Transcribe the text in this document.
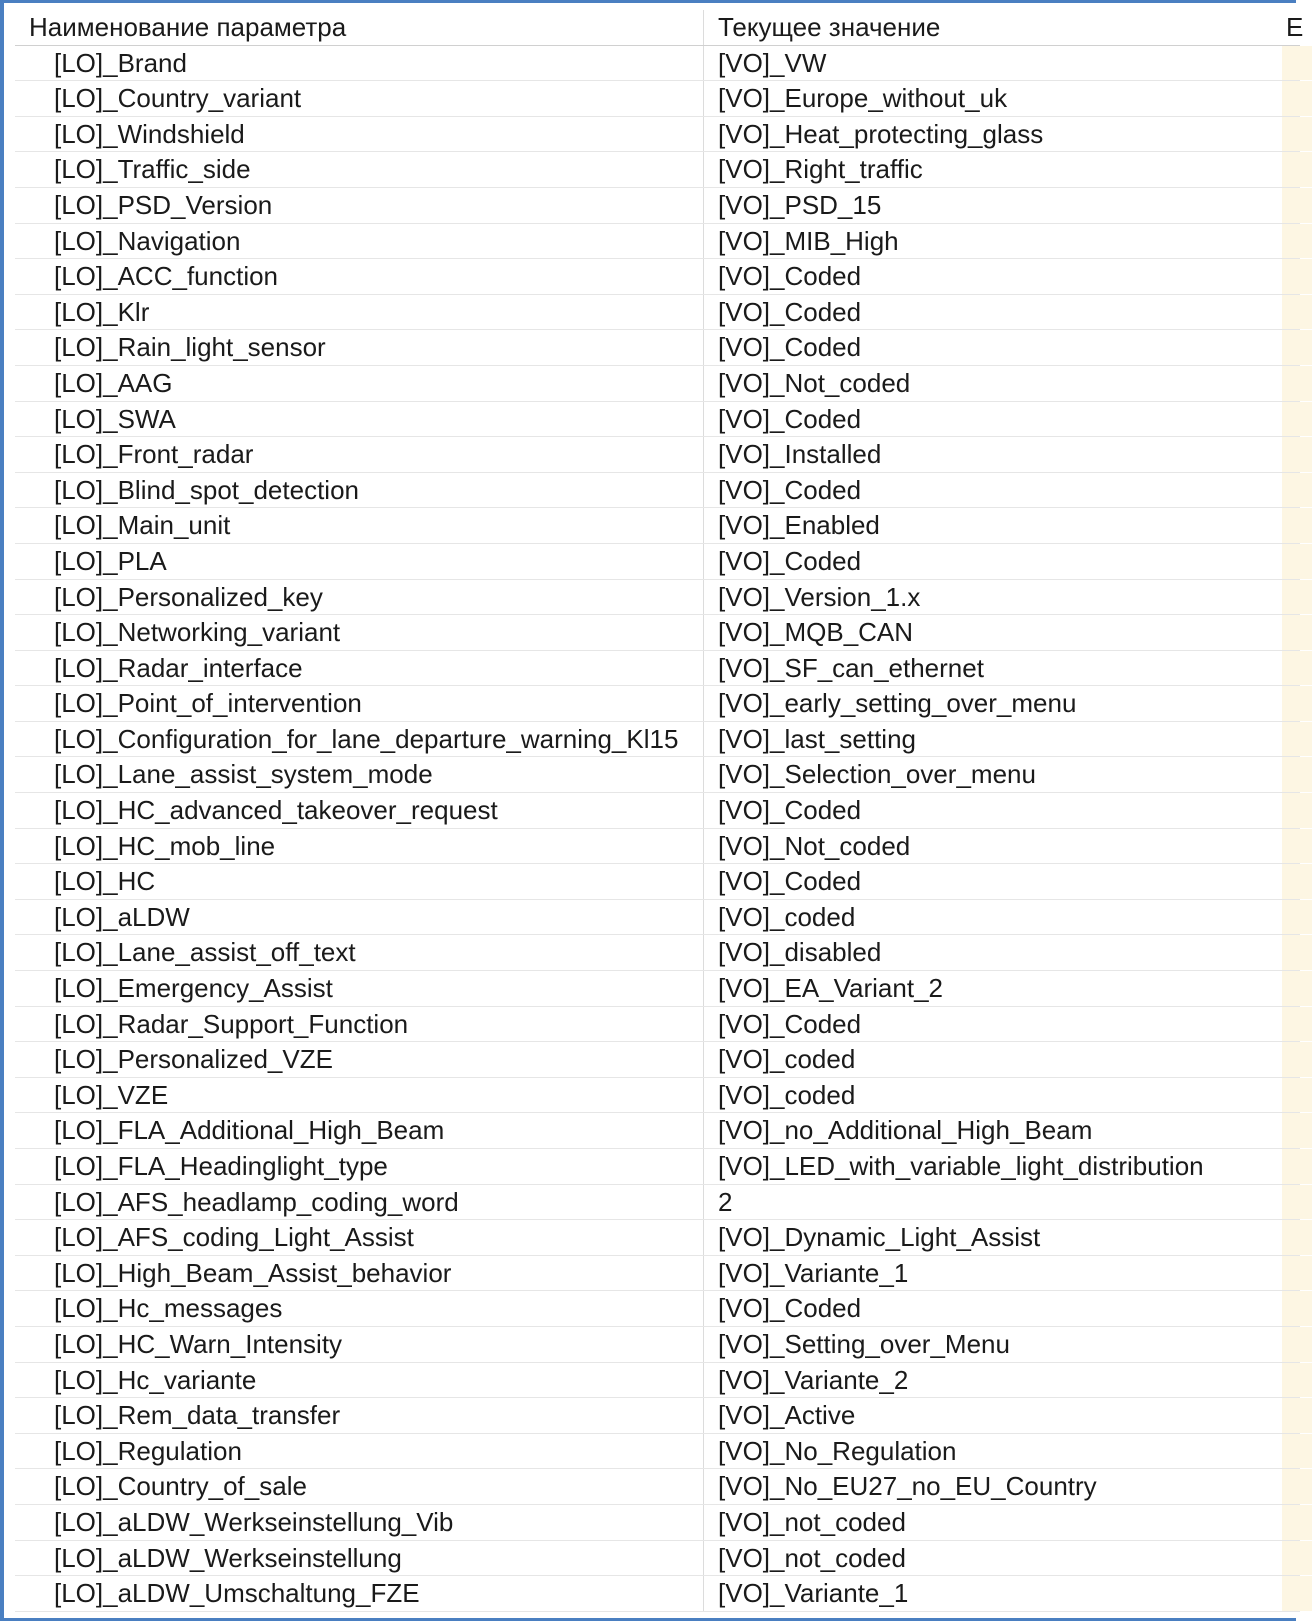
Наименование параметра	Текущее значение	E
[LO]_Brand	[VO]_VW
[LO]_Country_variant	[VO]_Europe_without_uk
[LO]_Windshield	[VO]_Heat_protecting_glass
[LO]_Traffic_side	[VO]_Right_traffic
[LO]_PSD_Version	[VO]_PSD_15
[LO]_Navigation	[VO]_MIB_High
[LO]_ACC_function	[VO]_Coded
[LO]_Klr	[VO]_Coded
[LO]_Rain_light_sensor	[VO]_Coded
[LO]_AAG	[VO]_Not_coded
[LO]_SWA	[VO]_Coded
[LO]_Front_radar	[VO]_Installed
[LO]_Blind_spot_detection	[VO]_Coded
[LO]_Main_unit	[VO]_Enabled
[LO]_PLA	[VO]_Coded
[LO]_Personalized_key	[VO]_Version_1.x
[LO]_Networking_variant	[VO]_MQB_CAN
[LO]_Radar_interface	[VO]_SF_can_ethernet
[LO]_Point_of_intervention	[VO]_early_setting_over_menu
[LO]_Configuration_for_lane_departure_warning_Kl15	[VO]_last_setting
[LO]_Lane_assist_system_mode	[VO]_Selection_over_menu
[LO]_HC_advanced_takeover_request	[VO]_Coded
[LO]_HC_mob_line	[VO]_Not_coded
[LO]_HC	[VO]_Coded
[LO]_aLDW	[VO]_coded
[LO]_Lane_assist_off_text	[VO]_disabled
[LO]_Emergency_Assist	[VO]_EA_Variant_2
[LO]_Radar_Support_Function	[VO]_Coded
[LO]_Personalized_VZE	[VO]_coded
[LO]_VZE	[VO]_coded
[LO]_FLA_Additional_High_Beam	[VO]_no_Additional_High_Beam
[LO]_FLA_Headinglight_type	[VO]_LED_with_variable_light_distribution
[LO]_AFS_headlamp_coding_word	2
[LO]_AFS_coding_Light_Assist	[VO]_Dynamic_Light_Assist
[LO]_High_Beam_Assist_behavior	[VO]_Variante_1
[LO]_Hc_messages	[VO]_Coded
[LO]_HC_Warn_Intensity	[VO]_Setting_over_Menu
[LO]_Hc_variante	[VO]_Variante_2
[LO]_Rem_data_transfer	[VO]_Active
[LO]_Regulation	[VO]_No_Regulation
[LO]_Country_of_sale	[VO]_No_EU27_no_EU_Country
[LO]_aLDW_Werkseinstellung_Vib	[VO]_not_coded
[LO]_aLDW_Werkseinstellung	[VO]_not_coded
[LO]_aLDW_Umschaltung_FZE	[VO]_Variante_1
